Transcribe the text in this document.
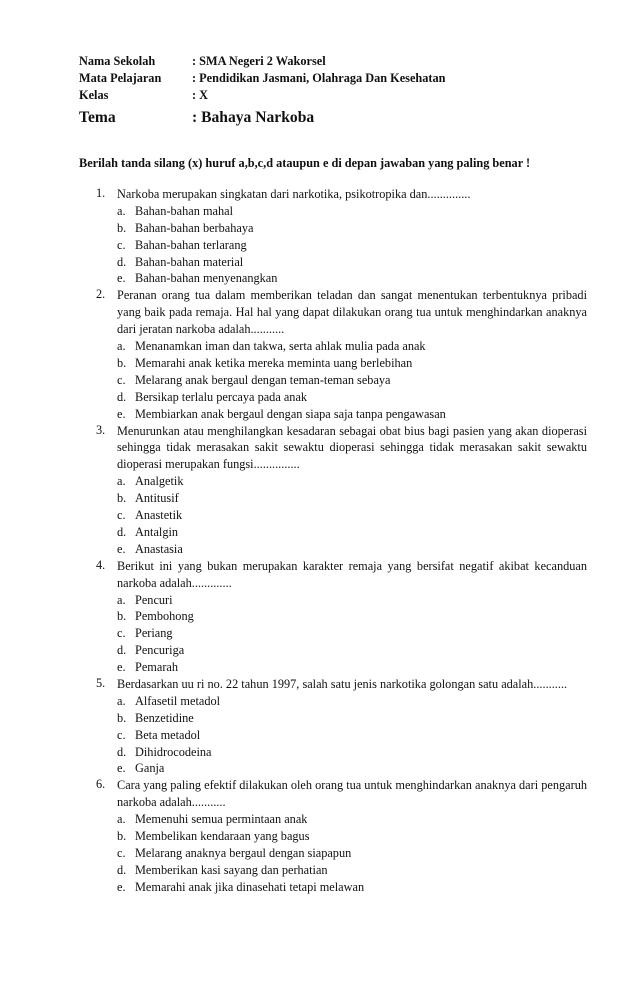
Nama Sekolah	: SMA Negeri 2 Wakorsel
Mata Pelajaran	: Pendidikan Jasmani, Olahraga Dan Kesehatan
Kelas	: X
Tema	: Bahaya Narkoba
Berilah tanda silang (x) huruf a,b,c,d ataupun e di depan jawaban yang paling benar !
1. Narkoba merupakan singkatan dari narkotika, psikotropika dan..............
a. Bahan-bahan mahal
b. Bahan-bahan berbahaya
c. Bahan-bahan terlarang
d. Bahan-bahan material
e. Bahan-bahan menyenangkan
2. Peranan orang tua dalam memberikan teladan dan sangat menentukan terbentuknya pribadi yang baik pada remaja. Hal hal yang dapat dilakukan orang tua untuk menghindarkan anaknya dari jeratan narkoba adalah...........
a. Menanamkan iman dan takwa, serta ahlak mulia pada anak
b. Memarahi anak ketika mereka meminta uang berlebihan
c. Melarang anak bergaul dengan teman-teman sebaya
d. Bersikap terlalu percaya pada anak
e. Membiarkan anak bergaul dengan siapa saja tanpa pengawasan
3. Menurunkan atau menghilangkan kesadaran sebagai obat bius bagi pasien yang akan dioperasi sehingga tidak merasakan sakit sewaktu dioperasi sehingga tidak merasakan sakit sewaktu dioperasi merupakan fungsi...............
a. Analgetik
b. Antitusif
c. Anastetik
d. Antalgin
e. Anastasia
4. Berikut ini yang bukan merupakan karakter remaja yang bersifat negatif akibat kecanduan narkoba adalah.............
a. Pencuri
b. Pembohong
c. Periang
d. Pencuriga
e. Pemarah
5. Berdasarkan uu ri no. 22 tahun 1997, salah satu jenis narkotika golongan satu adalah...........
a. Alfasetil metadol
b. Benzetidine
c. Beta metadol
d. Dihidrocodeina
e. Ganja
6. Cara yang paling efektif dilakukan oleh orang tua untuk menghindarkan anaknya dari pengaruh narkoba adalah...........
a. Memenuhi semua permintaan anak
b. Membelikan kendaraan yang bagus
c. Melarang anaknya bergaul dengan siapapun
d. Memberikan kasi sayang dan perhatian
e. Memarahi anak jika dinasehati tetapi melawan
